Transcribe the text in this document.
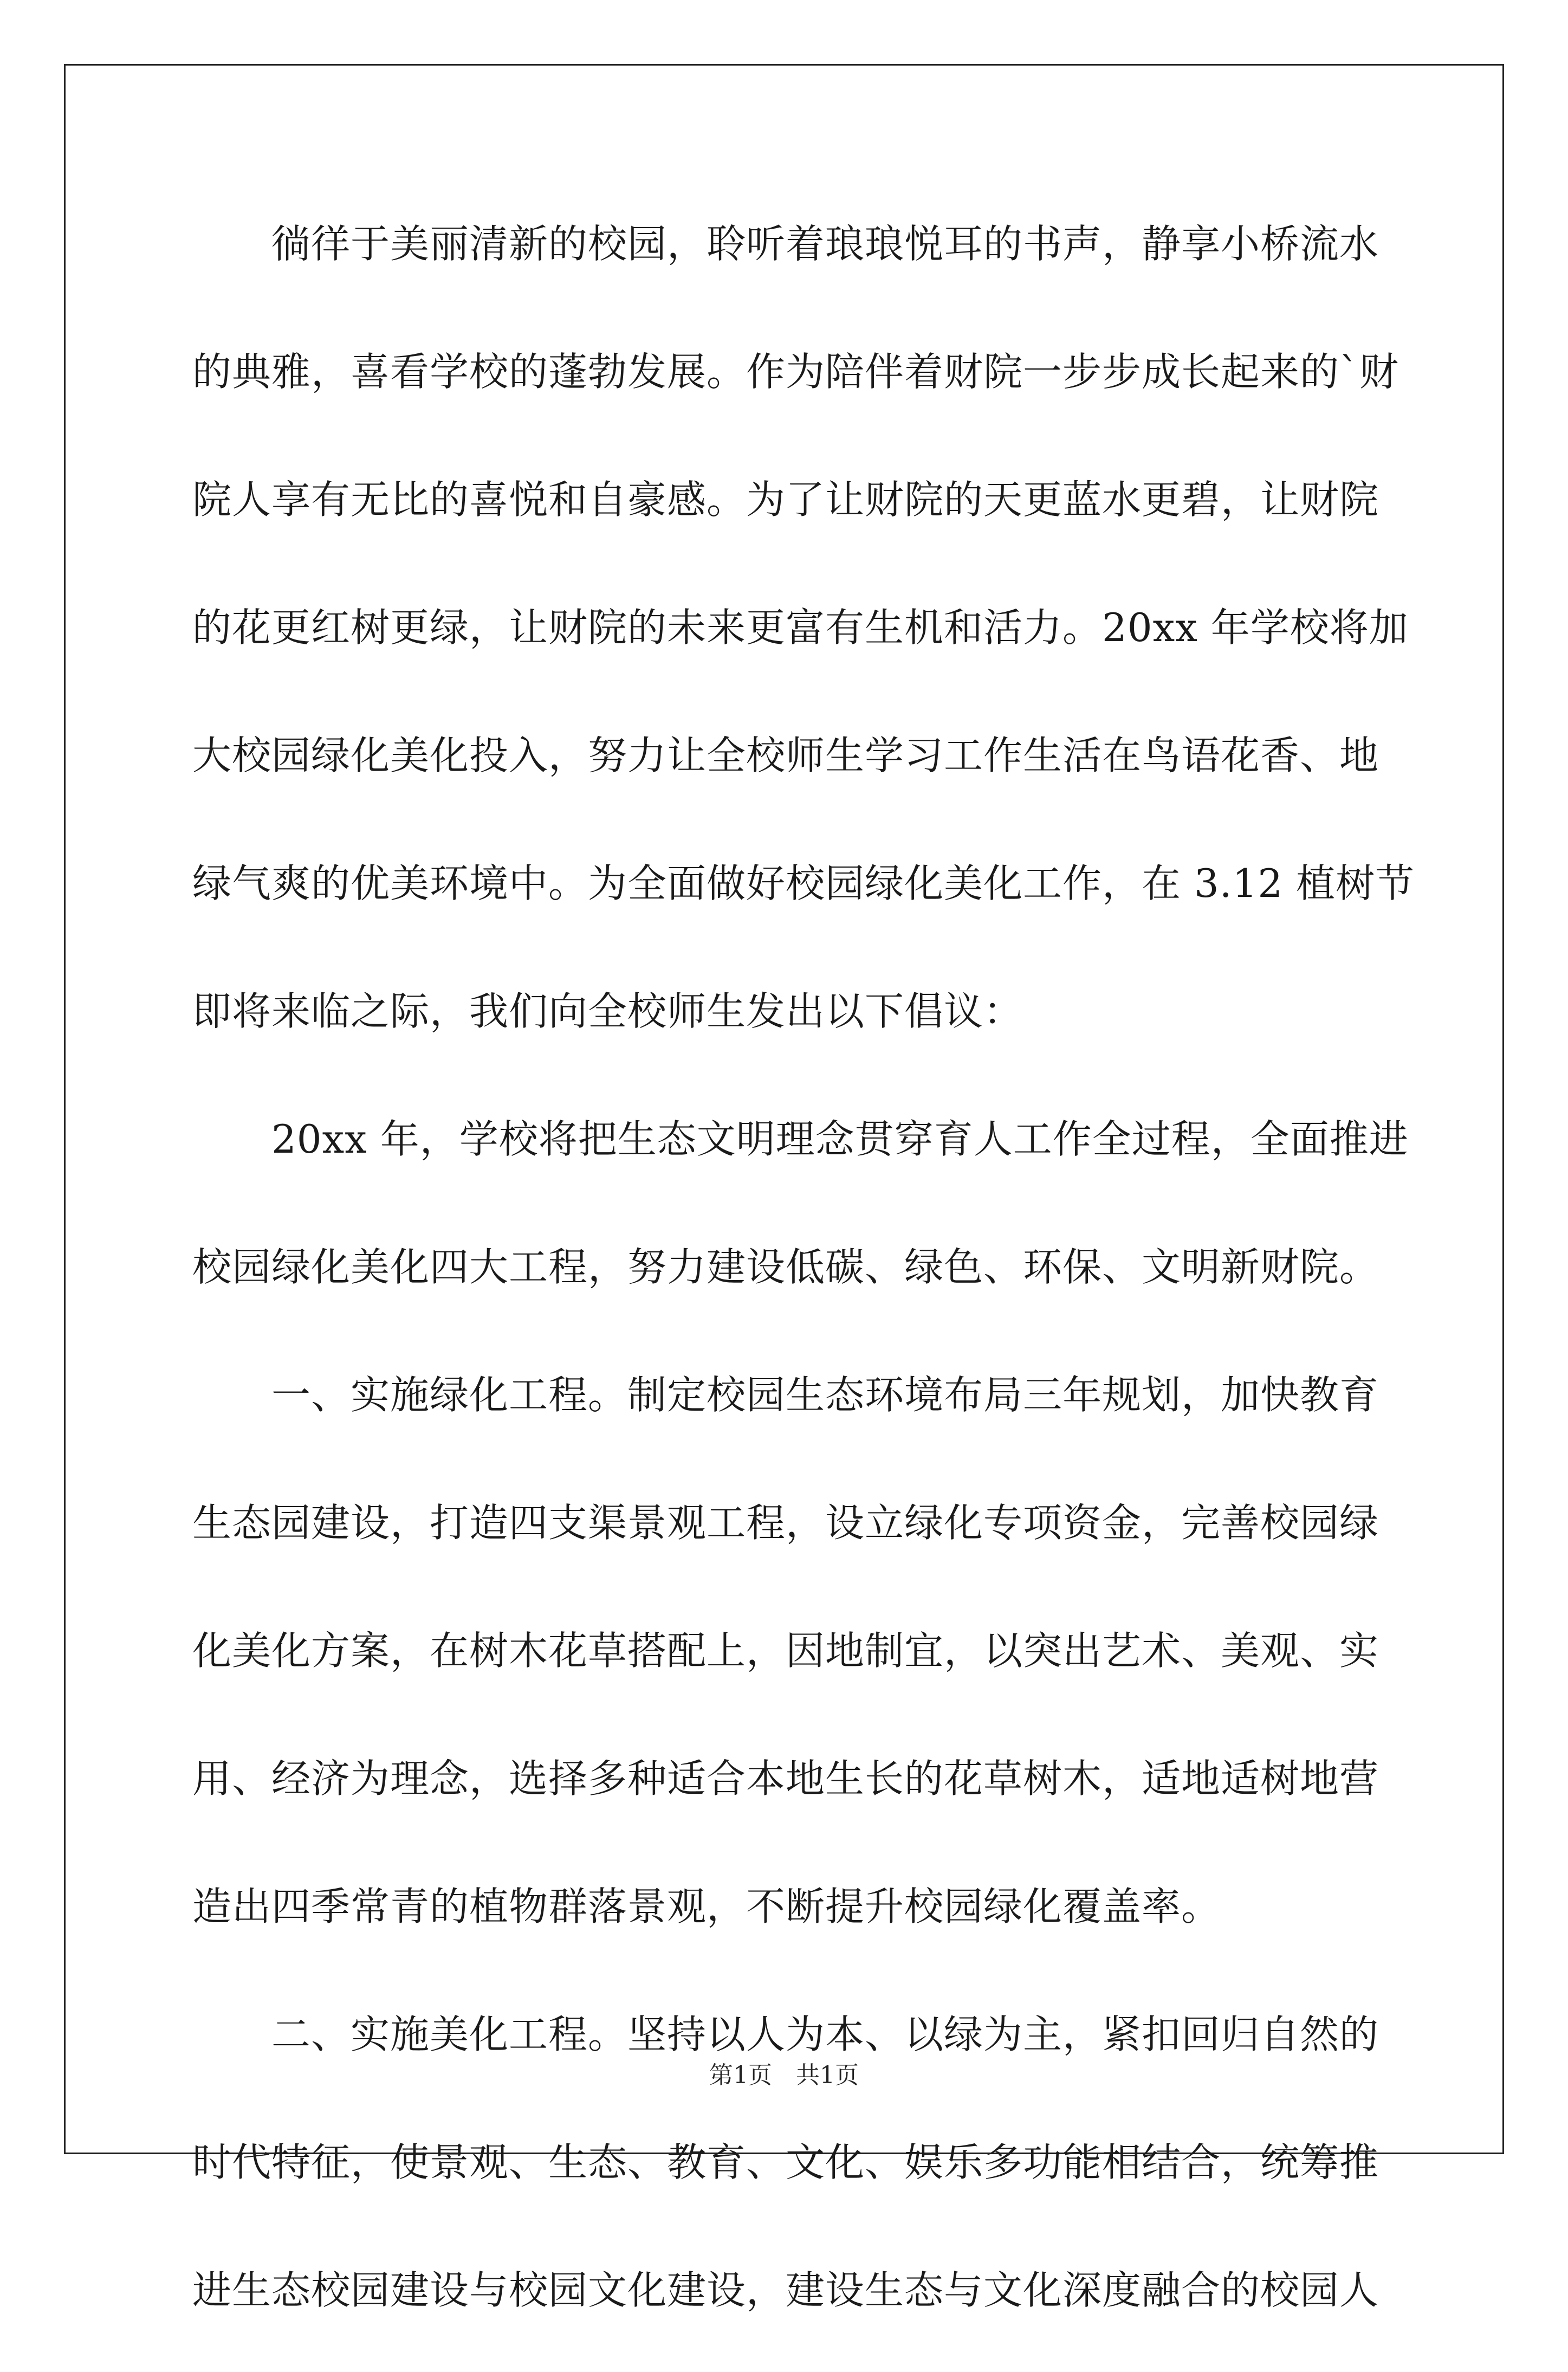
　　徜徉于美丽清新的校园，聆听着琅琅悦耳的书声，静享小桥流水
的典雅，喜看学校的蓬勃发展。作为陪伴着财院一步步成长起来的`财
院人享有无比的喜悦和自豪感。为了让财院的天更蓝水更碧，让财院
的花更红树更绿，让财院的未来更富有生机和活力。20xx 年学校将加
大校园绿化美化投入，努力让全校师生学习工作生活在鸟语花香、地
绿气爽的优美环境中。为全面做好校园绿化美化工作，在 3.12 植树节
即将来临之际，我们向全校师生发出以下倡议：
　　20xx 年，学校将把生态文明理念贯穿育人工作全过程，全面推进
校园绿化美化四大工程，努力建设低碳、绿色、环保、文明新财院。
　　一、实施绿化工程。制定校园生态环境布局三年规划，加快教育
生态园建设，打造四支渠景观工程，设立绿化专项资金，完善校园绿
化美化方案，在树木花草搭配上，因地制宜，以突出艺术、美观、实
用、经济为理念，选择多种适合本地生长的花草树木，适地适树地营
造出四季常青的植物群落景观，不断提升校园绿化覆盖率。
　　二、实施美化工程。坚持以人为本、以绿为主，紧扣回归自然的
时代特征，使景观、生态、教育、文化、娱乐多功能相结合，统筹推
进生态校园建设与校园文化建设，建设生态与文化深度融合的校园人
第1页　共1页
